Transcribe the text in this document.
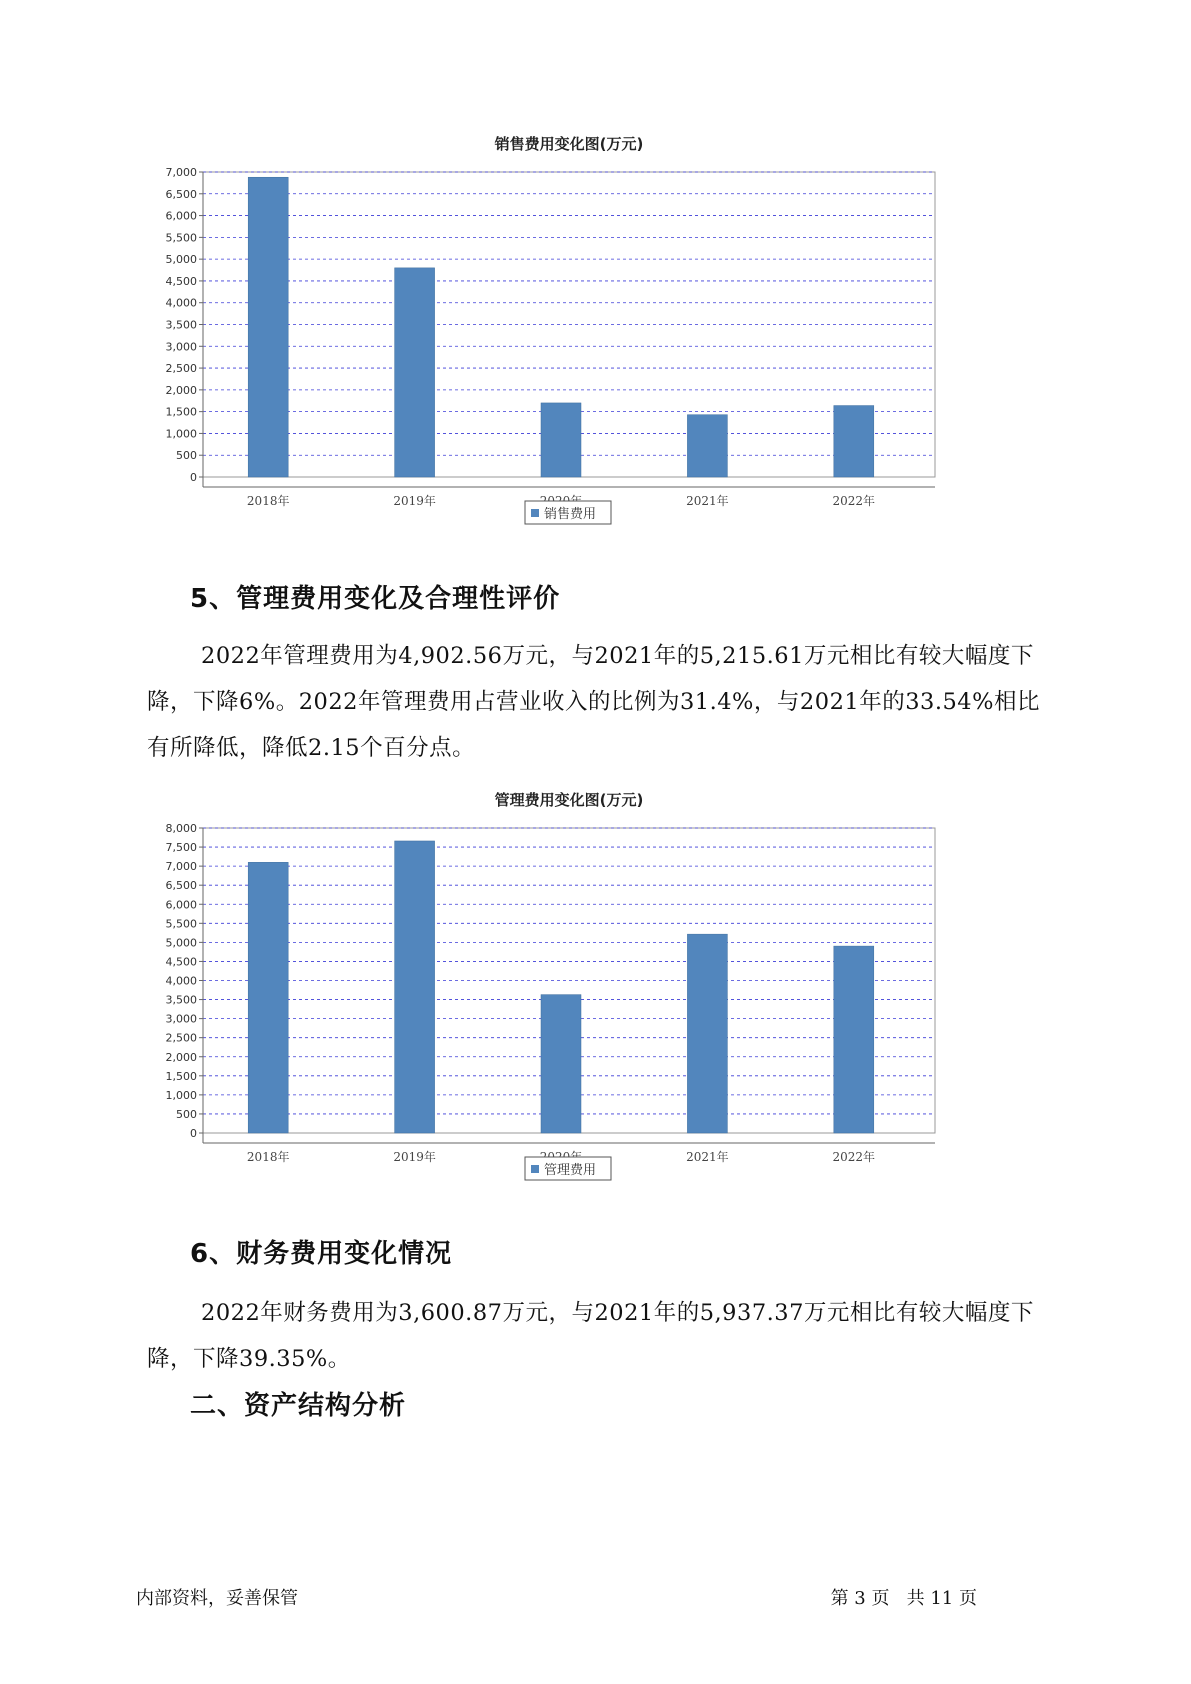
销售费用变化图(万元)
0
500
1,000
1,500
2,000
2,500
3,000
3,500
4,000
4,500
5,000
5,500
6,000
6,500
7,000
2018年	2019年	2021年	2022年
销售费用
5、管理费用变化及合理性评价

2022年管理费用为4,902.56万元，与2021年的5,215.61万元相比有较大幅度下降，下降6%。2022年管理费用占营业收入的比例为31.4%，与2021年的33.54%相比有所降低，降低2.15个百分点。

管理费用变化图(万元)
0
500
1,000
1,500
2,000
2,500
3,000
3,500
4,000
4,500
5,000
5,500
6,000
6,500
7,000
7,500
8,000
2018年	2019年	2021年	2022年
管理费用
6、财务费用变化情况

2022年财务费用为3,600.87万元，与2021年的5,937.37万元相比有较大幅度下降，下降39.35%。

二、资产结构分析
内部资料，妥善保管	第 3 页   共 11 页
